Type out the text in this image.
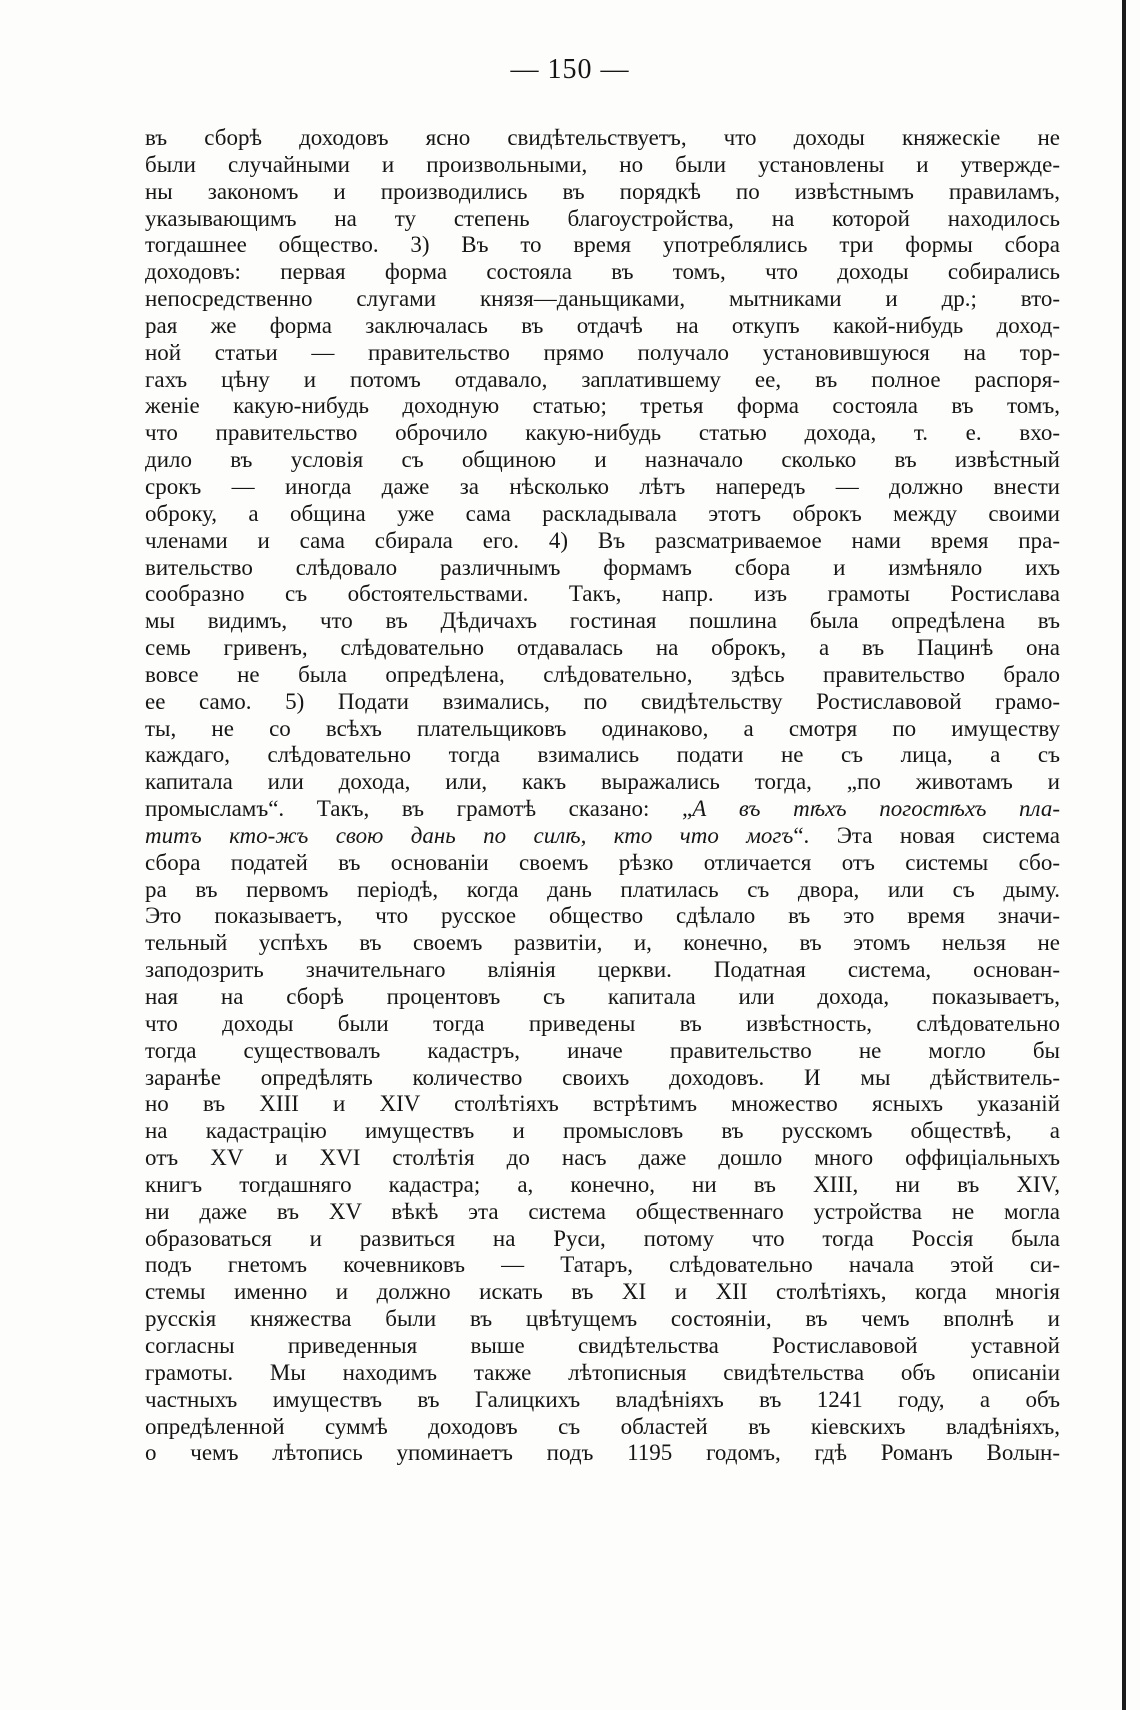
— 150 —
въ сборѣ доходовъ ясно свидѣтельствуетъ, что доходы княжескіе не
были случайными и произвольными, но были установлены и утвержде-
ны закономъ и производились въ порядкѣ по извѣстнымъ правиламъ,
указывающимъ на ту степень благоустройства, на которой находилось
тогдашнее общество. 3) Въ то время употреблялись три формы сбора
доходовъ: первая форма состояла въ томъ, что доходы собирались
непосредственно слугами князя—даньщиками, мытниками и др.; вто-
рая же форма заключалась въ отдачѣ на откупъ какой-нибудь доход-
ной статьи — правительство прямо получало установившуюся на тор-
гахъ цѣну и потомъ отдавало, заплатившему ее, въ полное распоря-
женіе какую-нибудь доходную статью; третья форма состояла въ томъ,
что правительство оброчило какую-нибудь статью дохода, т. е. вхо-
дило въ условія съ общиною и назначало сколько въ извѣстный
срокъ — иногда даже за нѣсколько лѣтъ напередъ — должно внести
оброку, а община уже сама раскладывала этотъ оброкъ между своими
членами и сама сбирала его. 4) Въ разсматриваемое нами время пра-
вительство слѣдовало различнымъ формамъ сбора и измѣняло ихъ
сообразно съ обстоятельствами. Такъ, напр. изъ грамоты Ростислава
мы видимъ, что въ Дѣдичахъ гостиная пошлина была опредѣлена въ
семь гривенъ, слѣдовательно отдавалась на оброкъ, а въ Пацинѣ она
вовсе не была опредѣлена, слѣдовательно, здѣсь правительство брало
ее само. 5) Подати взимались, по свидѣтельству Ростиславовой грамо-
ты, не со всѣхъ плательщиковъ одинаково, а смотря по имуществу
каждаго, слѣдовательно тогда взимались подати не съ лица, а съ
капитала или дохода, или, какъ выражались тогда, „по животамъ и
промысламъ“. Такъ, въ грамотѣ сказано: „А въ тѣхъ погостѣхъ пла-
титъ кто-жъ свою дань по силѣ, кто что могъ“. Эта новая система
сбора податей въ основаніи своемъ рѣзко отличается отъ системы сбо-
ра въ первомъ періодѣ, когда дань платилась съ двора, или съ дыму.
Это показываетъ, что русское общество сдѣлало въ это время значи-
тельный успѣхъ въ своемъ развитіи, и, конечно, въ этомъ нельзя не
заподозрить значительнаго вліянія церкви. Податная система, основан-
ная на сборѣ процентовъ съ капитала или дохода, показываетъ,
что доходы были тогда приведены въ извѣстность, слѣдовательно
тогда существовалъ кадастръ, иначе правительство не могло бы
заранѣе опредѣлять количество своихъ доходовъ. И мы дѣйствитель-
но въ XIII и XIV столѣтіяхъ встрѣтимъ множество ясныхъ указаній
на кадастрацію имуществъ и промысловъ въ русскомъ обществѣ, а
отъ XV и XVI столѣтія до насъ даже дошло много оффиціальныхъ
книгъ тогдашняго кадастра; а, конечно, ни въ XIII, ни въ XIV,
ни даже въ XV вѣкѣ эта система общественнаго устройства не могла
образоваться и развиться на Руси, потому что тогда Россія была
подъ гнетомъ кочевниковъ — Татаръ, слѣдовательно начала этой си-
стемы именно и должно искать въ XI и XII столѣтіяхъ, когда многія
русскія княжества были въ цвѣтущемъ состояніи, въ чемъ вполнѣ и
согласны приведенныя выше свидѣтельства Ростиславовой уставной
грамоты. Мы находимъ также лѣтописныя свидѣтельства объ описаніи
частныхъ имуществъ въ Галицкихъ владѣніяхъ въ 1241 году, а объ
опредѣленной суммѣ доходовъ съ областей въ кіевскихъ владѣніяхъ,
о чемъ лѣтопись упоминаетъ подъ 1195 годомъ, гдѣ Романъ Волын-
